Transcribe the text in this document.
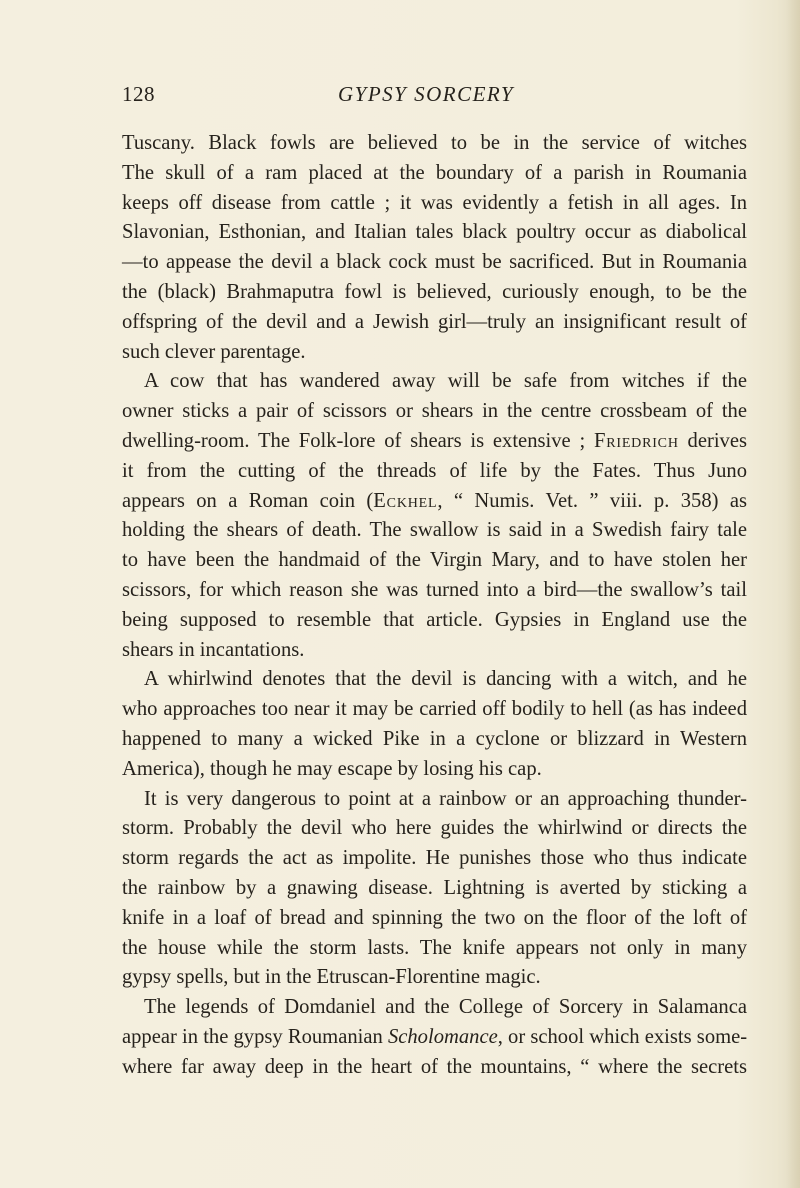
128	GYPSY SORCERY
Tuscany. Black fowls are believed to be in the service of witches
The skull of a ram placed at the boundary of a parish in Roumania
keeps off disease from cattle ; it was evidently a fetish in all ages. In
Slavonian, Esthonian, and Italian tales black poultry occur as diabolical
—to appease the devil a black cock must be sacrificed. But in Roumania
the (black) Brahmaputra fowl is believed, curiously enough, to be the
offspring of the devil and a Jewish girl—truly an insignificant result of
such clever parentage.
A cow that has wandered away will be safe from witches if the
owner sticks a pair of scissors or shears in the centre crossbeam of the
dwelling-room. The Folk-lore of shears is extensive ; Friedrich derives
it from the cutting of the threads of life by the Fates. Thus Juno
appears on a Roman coin (Eckhel, “ Numis. Vet. ” viii. p. 358) as
holding the shears of death. The swallow is said in a Swedish fairy tale
to have been the handmaid of the Virgin Mary, and to have stolen her
scissors, for which reason she was turned into a bird—the swallow’s tail
being supposed to resemble that article. Gypsies in England use the
shears in incantations.
A whirlwind denotes that the devil is dancing with a witch, and he
who approaches too near it may be carried off bodily to hell (as has indeed
happened to many a wicked Pike in a cyclone or blizzard in Western
America), though he may escape by losing his cap.
It is very dangerous to point at a rainbow or an approaching thunder-
storm. Probably the devil who here guides the whirlwind or directs the
storm regards the act as impolite. He punishes those who thus indicate
the rainbow by a gnawing disease. Lightning is averted by sticking a
knife in a loaf of bread and spinning the two on the floor of the loft of
the house while the storm lasts. The knife appears not only in many
gypsy spells, but in the Etruscan-Florentine magic.
The legends of Domdaniel and the College of Sorcery in Salamanca
appear in the gypsy Roumanian Scholomance, or school which exists some-
where far away deep in the heart of the mountains, “ where the secrets
